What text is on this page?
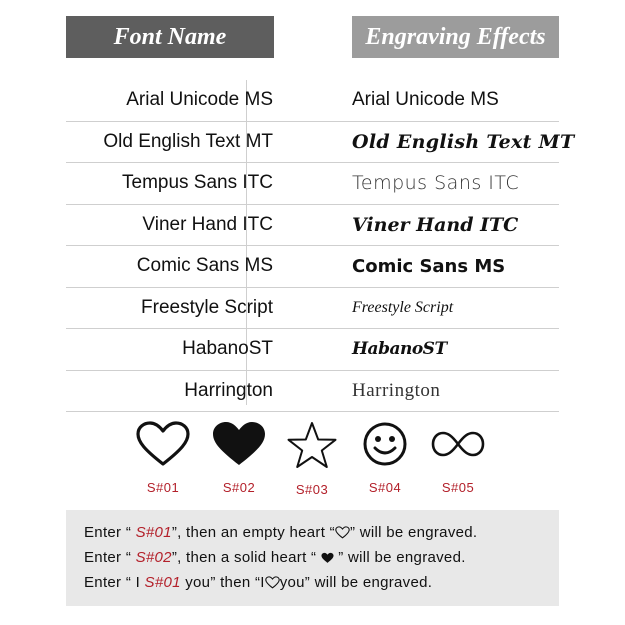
Font Name	Engraving Effects
Arial Unicode MS	Arial Unicode MS
Old English Text MT	Old English Text MT
Tempus Sans ITC	Tempus Sans ITC
Viner Hand ITC	Viner Hand ITC
Comic Sans MS	Comic Sans MS
Freestyle Script	Freestyle Script
HabanoST	HabanoST
Harrington	Harrington
S#01	S#02	S#03	S#04	S#05
Enter “ S#01”, then an empty heart “ ” will be engraved.
Enter “ S#02”, then a solid heart “  ” will be engraved.
Enter “ I S#01 you” then “I you” will be engraved.
